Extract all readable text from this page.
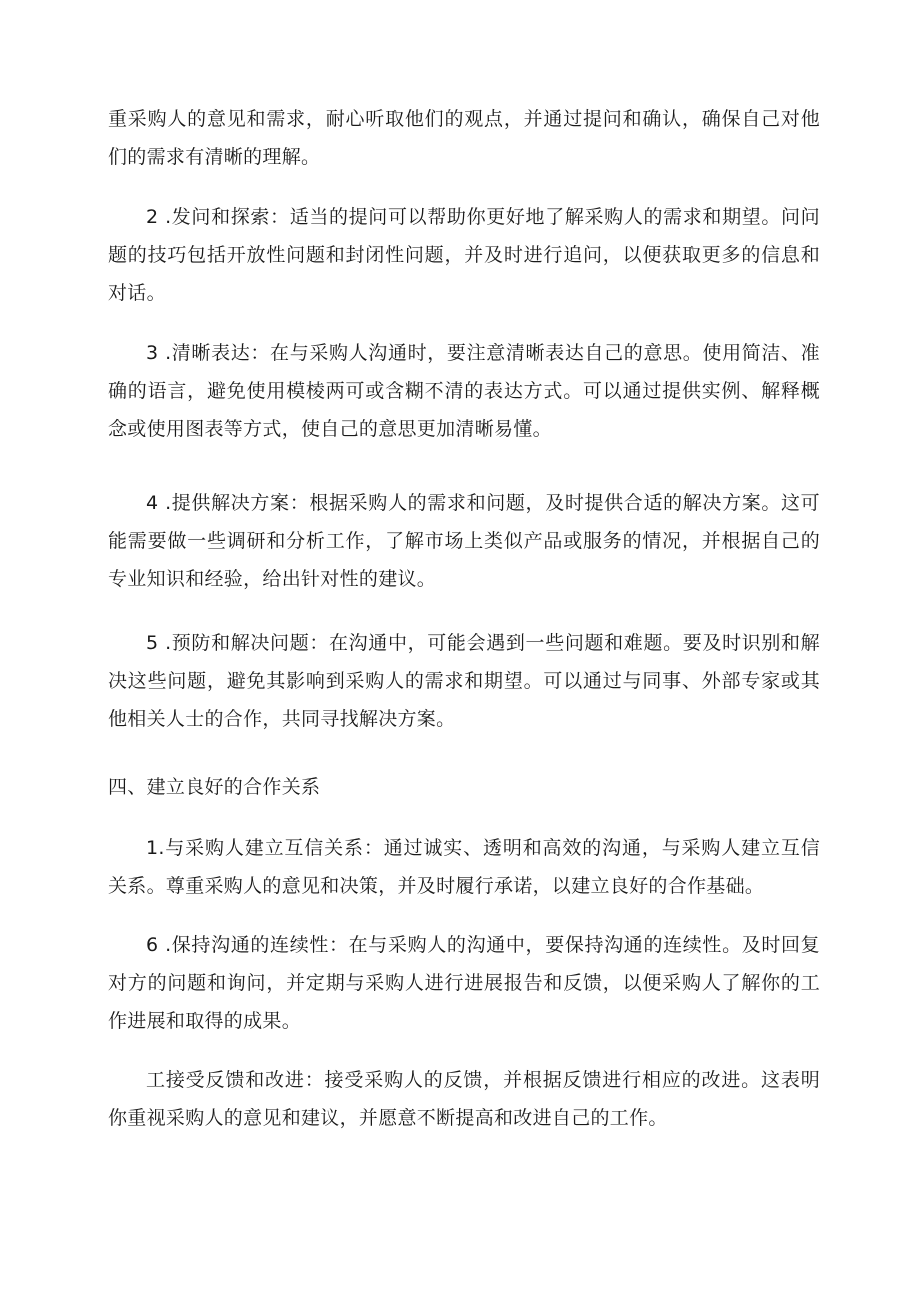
重采购人的意见和需求，耐心听取他们的观点，并通过提问和确认，确保自己对他们的需求有清晰的理解。

2 .发问和探索：适当的提问可以帮助你更好地了解采购人的需求和期望。问问题的技巧包括开放性问题和封闭性问题，并及时进行追问，以便获取更多的信息和对话。

3 .清晰表达：在与采购人沟通时，要注意清晰表达自己的意思。使用简洁、准确的语言，避免使用模棱两可或含糊不清的表达方式。可以通过提供实例、解释概念或使用图表等方式，使自己的意思更加清晰易懂。

4 .提供解决方案：根据采购人的需求和问题，及时提供合适的解决方案。这可能需要做一些调研和分析工作，了解市场上类似产品或服务的情况，并根据自己的专业知识和经验，给出针对性的建议。

5 .预防和解决问题：在沟通中，可能会遇到一些问题和难题。要及时识别和解决这些问题，避免其影响到采购人的需求和期望。可以通过与同事、外部专家或其他相关人士的合作，共同寻找解决方案。

四、建立良好的合作关系

1.与采购人建立互信关系：通过诚实、透明和高效的沟通，与采购人建立互信关系。尊重采购人的意见和决策，并及时履行承诺，以建立良好的合作基础。

6 .保持沟通的连续性：在与采购人的沟通中，要保持沟通的连续性。及时回复对方的问题和询问，并定期与采购人进行进展报告和反馈，以便采购人了解你的工作进展和取得的成果。

工接受反馈和改进：接受采购人的反馈，并根据反馈进行相应的改进。这表明你重视采购人的意见和建议，并愿意不断提高和改进自己的工作。
